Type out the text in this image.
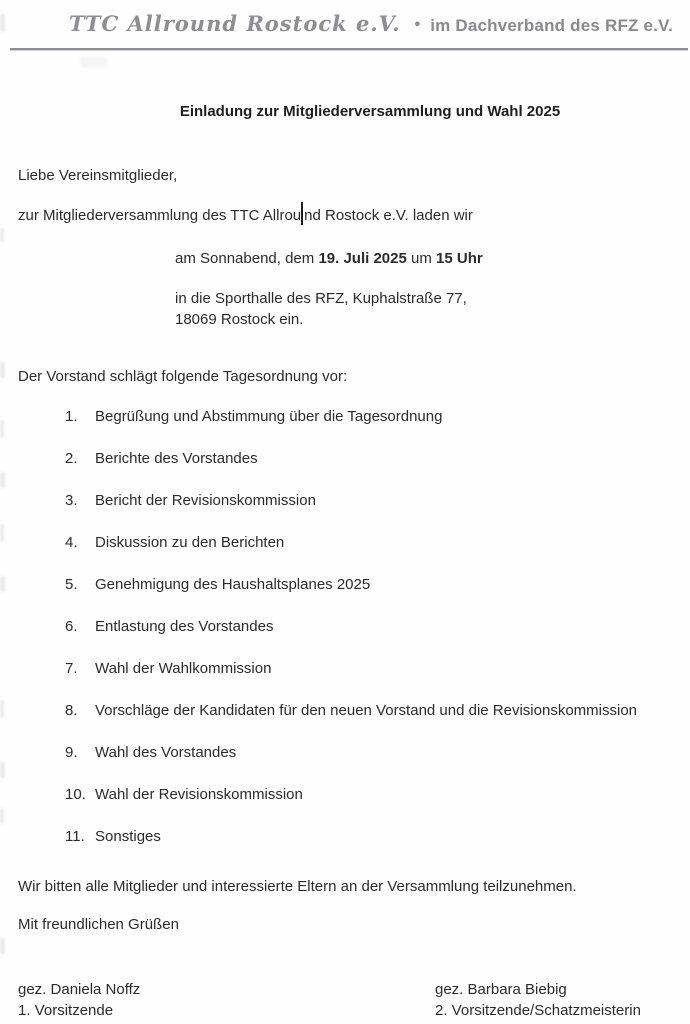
TTC Allround Rostock e.V. • im Dachverband des RFZ e.V.
Einladung zur Mitgliederversammlung und Wahl 2025

Liebe Vereinsmitglieder,

zur Mitgliederversammlung des TTC Allrou nd Rostock e.V. laden wir

am Sonnabend, dem 19. Juli 2025 um 15 Uhr

in die Sporthalle des RFZ, Kuphalstraße 77,

18069 Rostock ein.

Der Vorstand schlägt folgende Tagesordnung vor:

1.	Begrüßung und Abstimmung über die Tagesordnung
2.	Berichte des Vorstandes
3.	Bericht der Revisionskommission
4.	Diskussion zu den Berichten
5.	Genehmigung des Haushaltsplanes 2025
6.	Entlastung des Vorstandes
7.	Wahl der Wahlkommission
8.	Vorschläge der Kandidaten für den neuen Vorstand und die Revisionskommission
9.	Wahl des Vorstandes
10. Wahl der Revisionskommission
11. Sonstiges

Wir bitten alle Mitglieder und interessierte Eltern an der Versammlung teilzunehmen.

Mit freundlichen Grüßen

gez. Daniela Noffz
1. Vorsitzende

gez. Barbara Biebig
2. Vorsitzende/Schatzmeisterin
